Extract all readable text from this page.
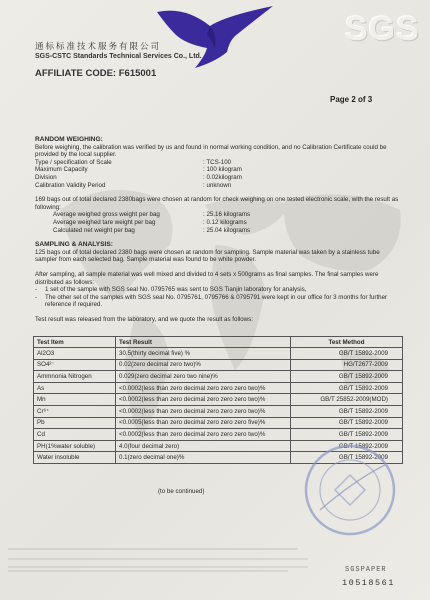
SGS
通标标准技术服务有限公司
SGS-CSTC Standards Technical Services Co., Ltd.
AFFILIATE CODE: F615001
Page 2 of 3
RANDOM WEIGHING:
Before weighing, the calibration was verified by us and found in normal working condition, and no Calibration Certificate could be provided by the local supplier.
Type / specification of Scale	: TCS-100
Maximum Capacity	: 100 kilogram
Division	: 0.02kilogram
Calibration Validity Period	: unknown
169 bags out of total declared 2380bags were chosen at random for check weighing on one tested electronic scale, with the result as following:
Average weighed gross weight per bag	: 25.16 kilograms
Average weighed tare weight per bag	: 0.12 kilograms
Calculated net weight per bag	: 25.04 kilograms
SAMPLING & ANALYSIS:
125 bags out of total declared 2380 bags were chosen at random for sampling. Sample material was taken by a stainless tube sampler from each selected bag. Sample material was found to be white powder.
After sampling, all sample material was well mixed and divided to 4 sets x 500grams as final samples. The final samples were distributed as follows:
-	1 set of the sample with SGS seal No. 0795765 was sent to SGS Tianjin laboratory for analysis,
-	The other set of the samples with SGS seal No. 0795761, 0795766 & 0795791 were kept in our office for 3 months for further reference if required.
Test result was released from the laboratory, and we quote the result as follows:
Test Item	Test Result	Test Method
Al2O3	30.5(thirty decimal five) %	GB/T 15892-2009
SO4²⁻	0.02(zero decimal zero two)%	HG/T2677-2009
Ammnonia Nitrogen	0.029(zero decimal zero two nine)%	GB/T 15892-2009
As	<0.0002(less than zero decimal zero zero zero two)%	GB/T 15892-2009
Mn	<0.0002(less than zero decimal zero zero zero two)%	GB/T 25852-2009(MOD)
Cr⁶⁺	<0.0002(less than zero decimal zero zero zero two)%	GB/T 15892-2009
Pb	<0.0005(less than zero decimal zero zero zero five)%	GB/T 15892-2009
Cd	<0.0002(less than zero decimal zero zero zero two)%	GB/T 15892-2009
PH(1%water soluble)	4.0(four decimal zero)	GB/T 15892-2009
Water insoluble	0.1(zero decimal one)%	GB/T 15892-2009
(to be continued)
SGSPAPER
10518561
